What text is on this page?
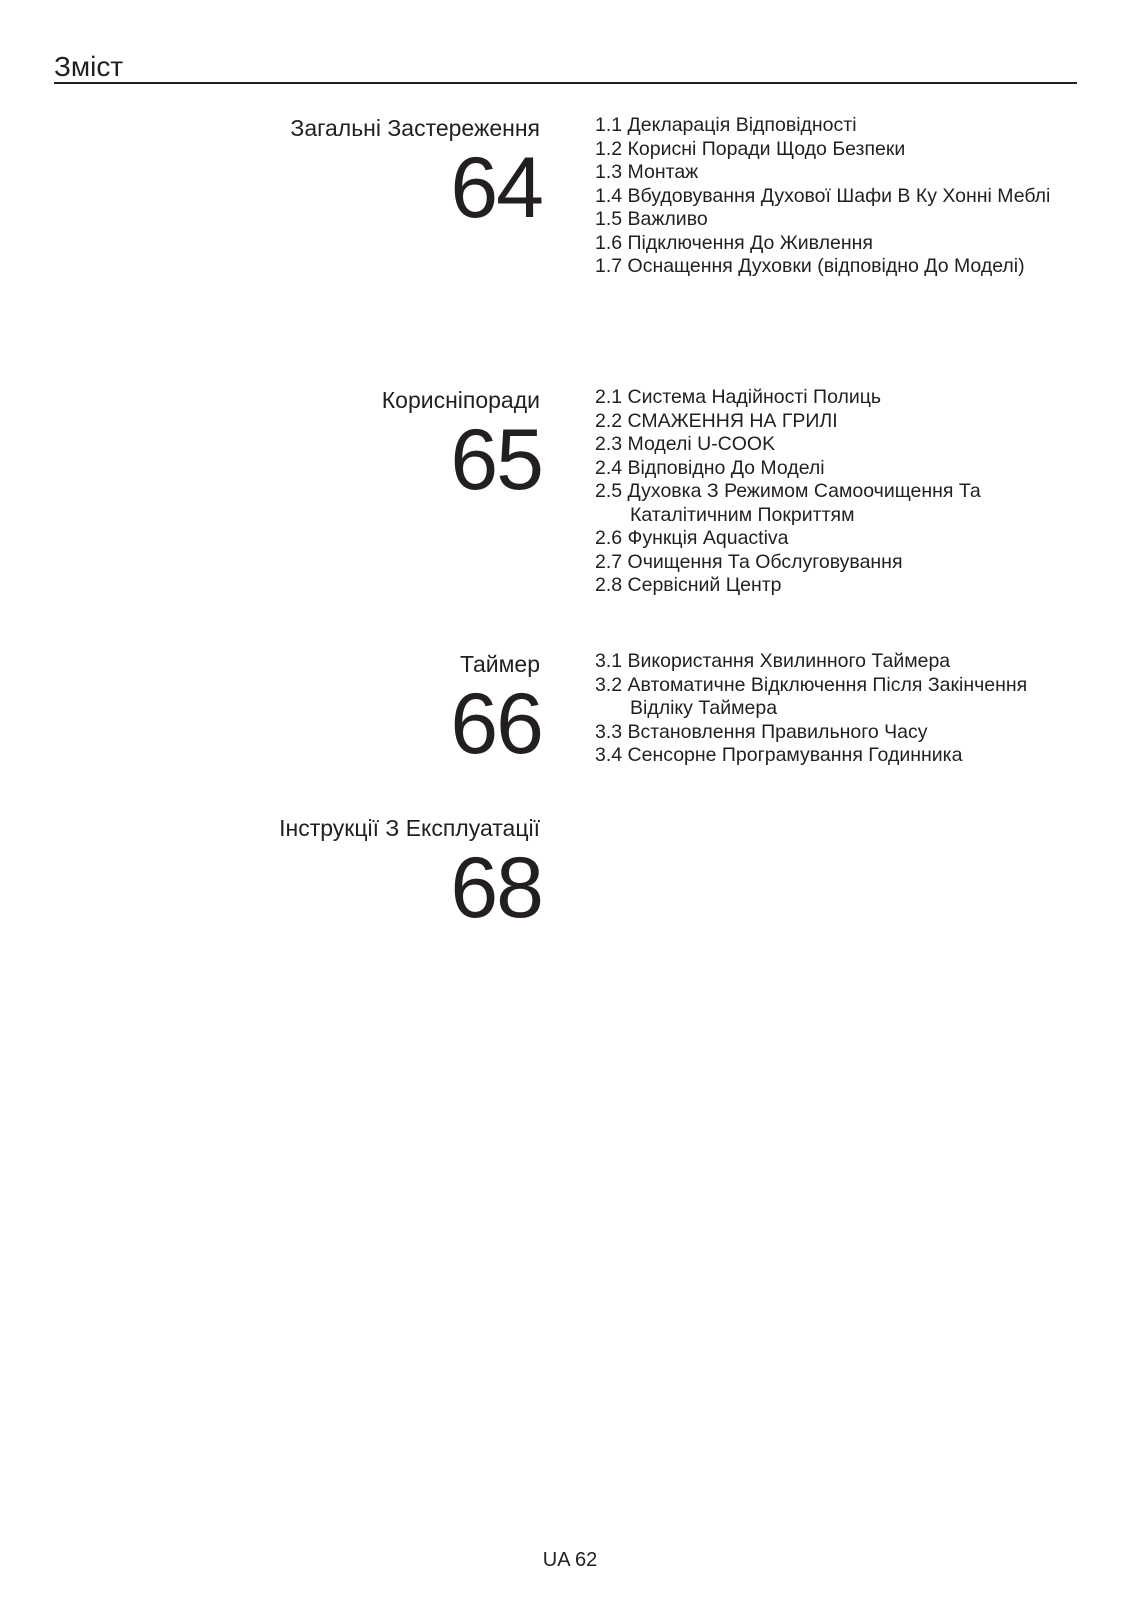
Зміст
Загальні Застереження
64
1.1 Декларація Відповідності
1.2 Корисні Поради Щодо Безпеки
1.3 Монтаж
1.4 Вбудовування Духової Шафи В Ку Хонні Меблі
1.5 Важливо
1.6 Підключення До Живлення
1.7 Оснащення Духовки (відповідно До Моделі)
Кориснiпоради
65
2.1 Система Надійності Полиць
2.2 СМАЖЕННЯ НА ГРИЛІ
2.3 Моделі U-COOK
2.4 Відповідно До Моделі
2.5 Духовка З Режимом Самоочищення Та
Каталітичним Покриттям
2.6 Функція Aquactiva
2.7 Очищення Та Обслуговування
2.8 Сервісний Центр
Таймер
66
3.1 Використання Хвилинного Таймера
3.2 Автоматичне Відключення Після Закінчення
Відліку Таймера
3.3 Встановлення Правильного Часу
3.4 Сенсорне Програмування Годинника
Інструкції З Експлуатації
68
UA 62
